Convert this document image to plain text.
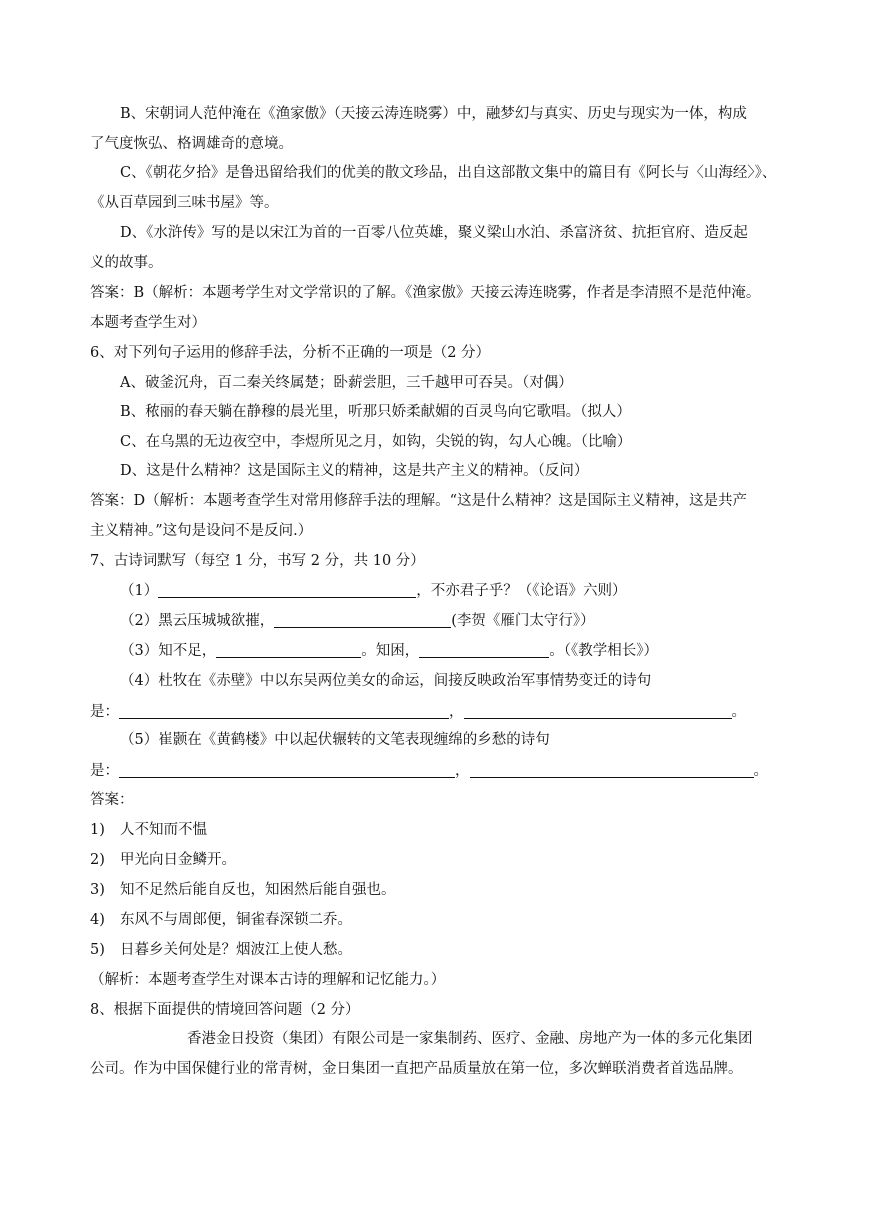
B、宋朝词人范仲淹在《渔家傲》（天接云涛连晓雾）中，融梦幻与真实、历史与现实为一体，构成
了气度恢弘、格调雄奇的意境。
C、《朝花夕拾》是鲁迅留给我们的优美的散文珍品，出自这部散文集中的篇目有《阿长与〈山海经〉》、
《从百草园到三味书屋》等。
D、《水浒传》写的是以宋江为首的一百零八位英雄，聚义梁山水泊、杀富济贫、抗拒官府、造反起
义的故事。
答案：B（解析：本题考学生对文学常识的了解。《渔家傲》天接云涛连晓雾，作者是李清照不是范仲淹。
本题考查学生对）
6、对下列句子运用的修辞手法，分析不正确的一项是（2 分）
A、破釜沉舟，百二秦关终属楚；卧薪尝胆，三千越甲可吞吴。（对偶）
B、秾丽的春天躺在静穆的晨光里，听那只娇柔献媚的百灵鸟向它歌唱。（拟人）
C、在乌黑的无边夜空中，李煜所见之月，如钩，尖锐的钩，勾人心魄。（比喻）
D、这是什么精神？这是国际主义的精神，这是共产主义的精神。（反问）
答案：D（解析：本题考查学生对常用修辞手法的理解。“这是什么精神？这是国际主义精神，这是共产
主义精神。”这句是设问不是反问.）
7、古诗词默写（每空 1 分，书写 2 分，共 10 分）
（1）	，不亦君子乎？（《论语》六则）
（2）黑云压城城欲摧，	(李贺《雁门太守行》）
（3）知不足，	。知困，	。（《教学相长》）
（4）杜牧在《赤壁》中以东吴两位美女的命运，间接反映政治军事情势变迁的诗句
是：	，	。
（5）崔颢在《黄鹤楼》中以起伏辗转的文笔表现缠绵的乡愁的诗句
是：	，	。
答案：
1) 人不知而不愠
2) 甲光向日金鳞开。
3) 知不足然后能自反也，知困然后能自强也。
4) 东风不与周郎便，铜雀春深锁二乔。
5) 日暮乡关何处是？烟波江上使人愁。
（解析：本题考查学生对课本古诗的理解和记忆能力。）
8、根据下面提供的情境回答问题（2 分）
香港金日投资（集团）有限公司是一家集制药、医疗、金融、房地产为一体的多元化集团
公司。作为中国保健行业的常青树，金日集团一直把产品质量放在第一位，多次蝉联消费者首选品牌。
